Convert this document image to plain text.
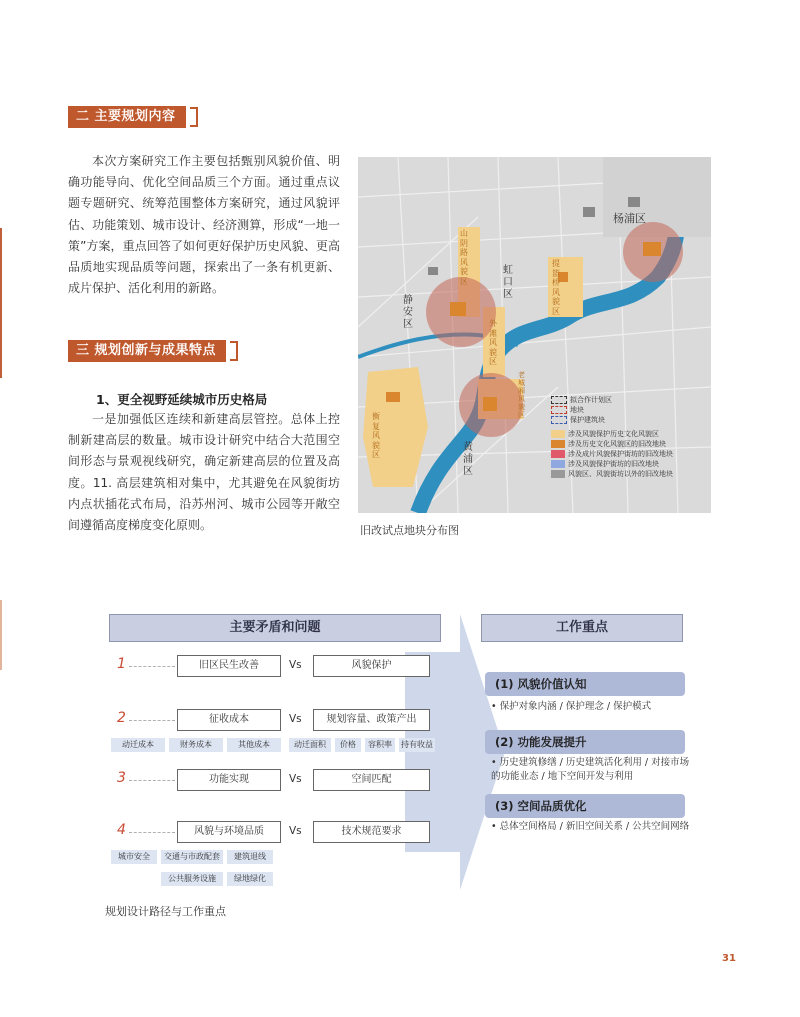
二 主要规划内容
本次方案研究工作主要包括甄别风貌价值、明确功能导向、优化空间品质三个方面。通过重点议题专题研究、统筹范围整体方案研究，通过风貌评估、功能策划、城市设计、经济测算，形成“一地一策”方案，重点回答了如何更好保护历史风貌、更高品质地实现品质等问题，探索出了一条有机更新、成片保护、活化利用的新路。
三 规划创新与成果特点
1、更全视野延续城市历史格局
一是加强低区连续和新建高层管控。总体上控制新建高层的数量。城市设计研究中结合大范围空间形态与景观视线研究，确定新建高层的位置及高度。11. 高层建筑相对集中，尤其避免在风貌街坊内点状插花式布局，沿苏州河、城市公园等开敞空间遵循高度梯度变化原则。
杨浦区
虹口区
静安区
黄浦区
山阴路风貌区
提篮桥风貌区
外滩风貌区
老城厢风貌区
衡复风貌区
拟合作计划区
地块
保护建筑块
涉及风貌保护历史文化风貌区
涉及历史文化风貌区的旧改地块
涉及成片风貌保护街坊的旧改地块
涉及风貌保护街坊的旧改地块
风貌区、风貌街坊以外的旧改地块
旧改试点地块分布图
主要矛盾和问题	工作重点
1	旧区民生改善	Vs	风貌保护
2	征收成本	Vs	规划容量、政策产出
动迁成本	财务成本	其他成本	动迁面积	价格	容积率	持有收益
3	功能实现	Vs	空间匹配
4	风貌与环境品质	Vs	技术规范要求
城市安全	交通与市政配套	建筑退线
公共服务设施	绿地绿化
(1) 风貌价值认知
• 保护对象内涵 / 保护理念 / 保护模式
(2) 功能发展提升
• 历史建筑修缮 / 历史建筑活化利用 / 对接市场的功能业态 / 地下空间开发与利用
(3) 空间品质优化
• 总体空间格局 / 新旧空间关系 / 公共空间网络
规划设计路径与工作重点
31
